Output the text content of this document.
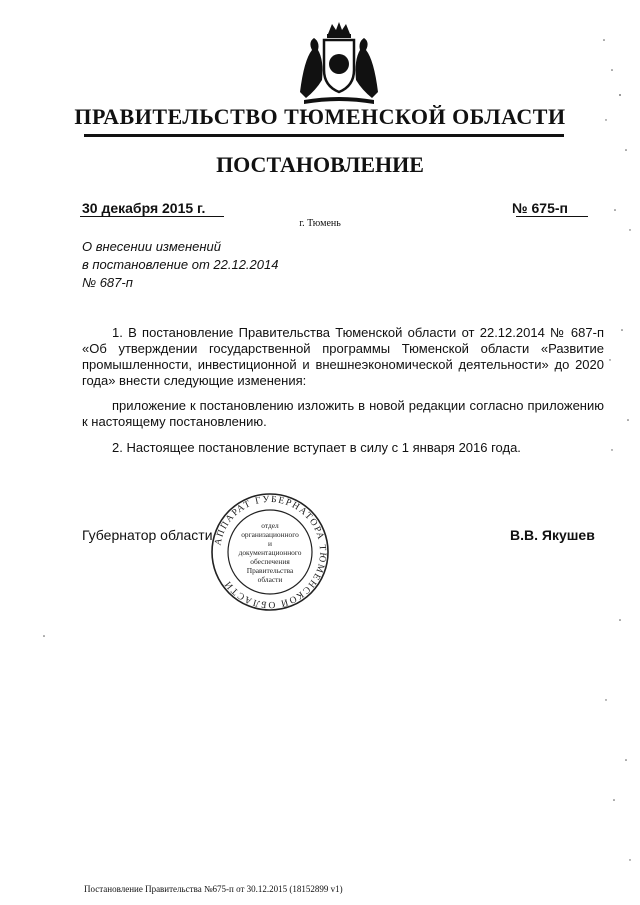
ПРАВИТЕЛЬСТВО ТЮМЕНСКОЙ ОБЛАСТИ
ПОСТАНОВЛЕНИЕ
30 декабря 2015 г.	№ 675-п
г. Тюмень
О внесении изменений
в постановление от 22.12.2014
№ 687-п
1. В постановление Правительства Тюменской области от 22.12.2014 № 687-п «Об утверждении государственной программы Тюменской области «Развитие промышленности, инвестиционной и внешнеэкономической деятельности» до 2020 года» внести следующие изменения:
приложение к постановлению изложить в новой редакции согласно приложению к настоящему постановлению.
2. Настоящее постановление вступает в силу с 1 января 2016 года.
Губернатор области	В.В. Якушев
АППАРАТ ГУБЕРНАТОРА ТЮМЕНСКОЙ ОБЛАСТИ
отдел
организационного
и
документационного
обеспечения
Правительства
области
Постановление Правительства №675-п от 30.12.2015 (18152899 v1)
